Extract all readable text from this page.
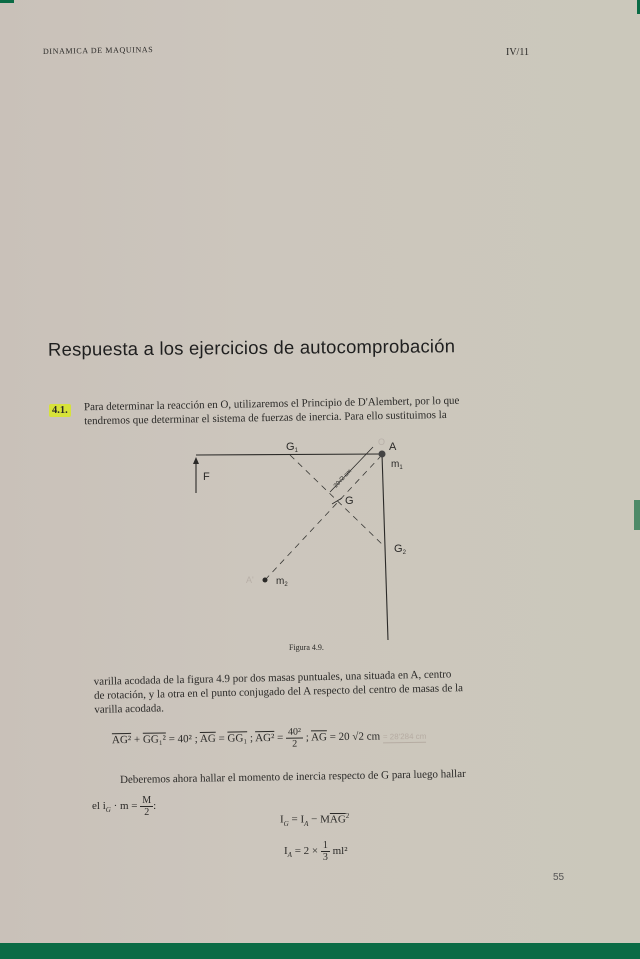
DINAMICA DE MAQUINAS	IV/11
Respuesta a los ejercicios de autocomprobación
4.1. Para determinar la reacción en O, utilizaremos el Principio de D'Alembert, por lo que
tendremos que determinar el sistema de fuerzas de inercia. Para ello sustituimos la
G1
O A
$m_1$
F
G
G2
$m_2$
A'
20√2 cm
Figura 4.9.
varilla acodada de la figura 4.9 por dos masas puntuales, una situada en A, centro
de rotación, y la otra en el punto conjugado del A respecto del centro de masas de la
varilla acodada.
AG² + GG₁² = 40² ; $\overline{AG} = GG_1$ ; $AG^2 = \frac{\text{40²}}{2}$ ; $\overline{AG} = 20$ √2 cm = 28'284 cm
Deberemos ahora hallar el momento de inercia respecto de G para luego hallar
el $i_G \cdot m = \frac{M}{2}$ :
$I_G = I_A - M\overline{AG}^2$
$I_A = 2 \times \frac{1}{3} ml^2$
55
